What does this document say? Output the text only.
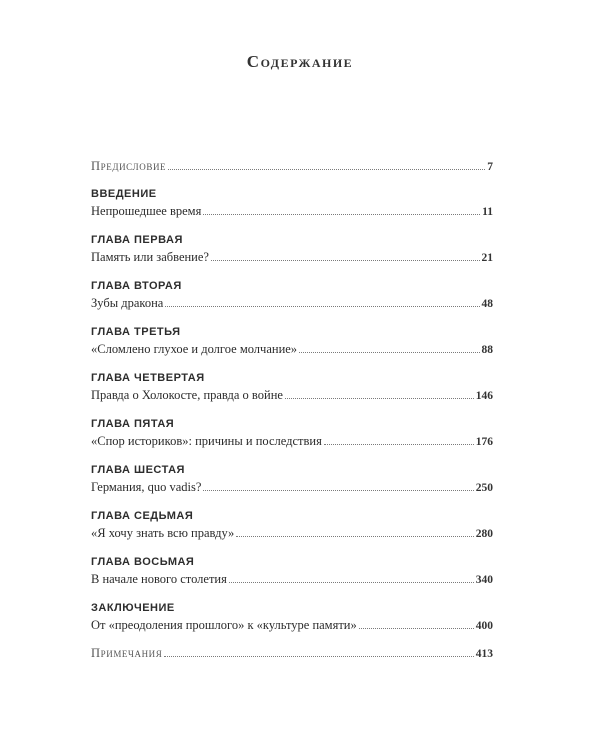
Содержание
Предисловие	7
ВВЕДЕНИЕ
Непрошедшее время	11
ГЛАВА ПЕРВАЯ
Память или забвение?	21
ГЛАВА ВТОРАЯ
Зубы дракона	48
ГЛАВА ТРЕТЬЯ
«Сломлено глухое и долгое молчание»	88
ГЛАВА ЧЕТВЕРТАЯ
Правда о Холокосте, правда о войне	146
ГЛАВА ПЯТАЯ
«Спор историков»: причины и последствия	176
ГЛАВА ШЕСТАЯ
Германия, quo vadis?	250
ГЛАВА СЕДЬМАЯ
«Я хочу знать всю правду»	280
ГЛАВА ВОСЬМАЯ
В начале нового столетия	340
ЗАКЛЮЧЕНИЕ
От «преодоления прошлого» к «культуре памяти»	400
Примечания	413
